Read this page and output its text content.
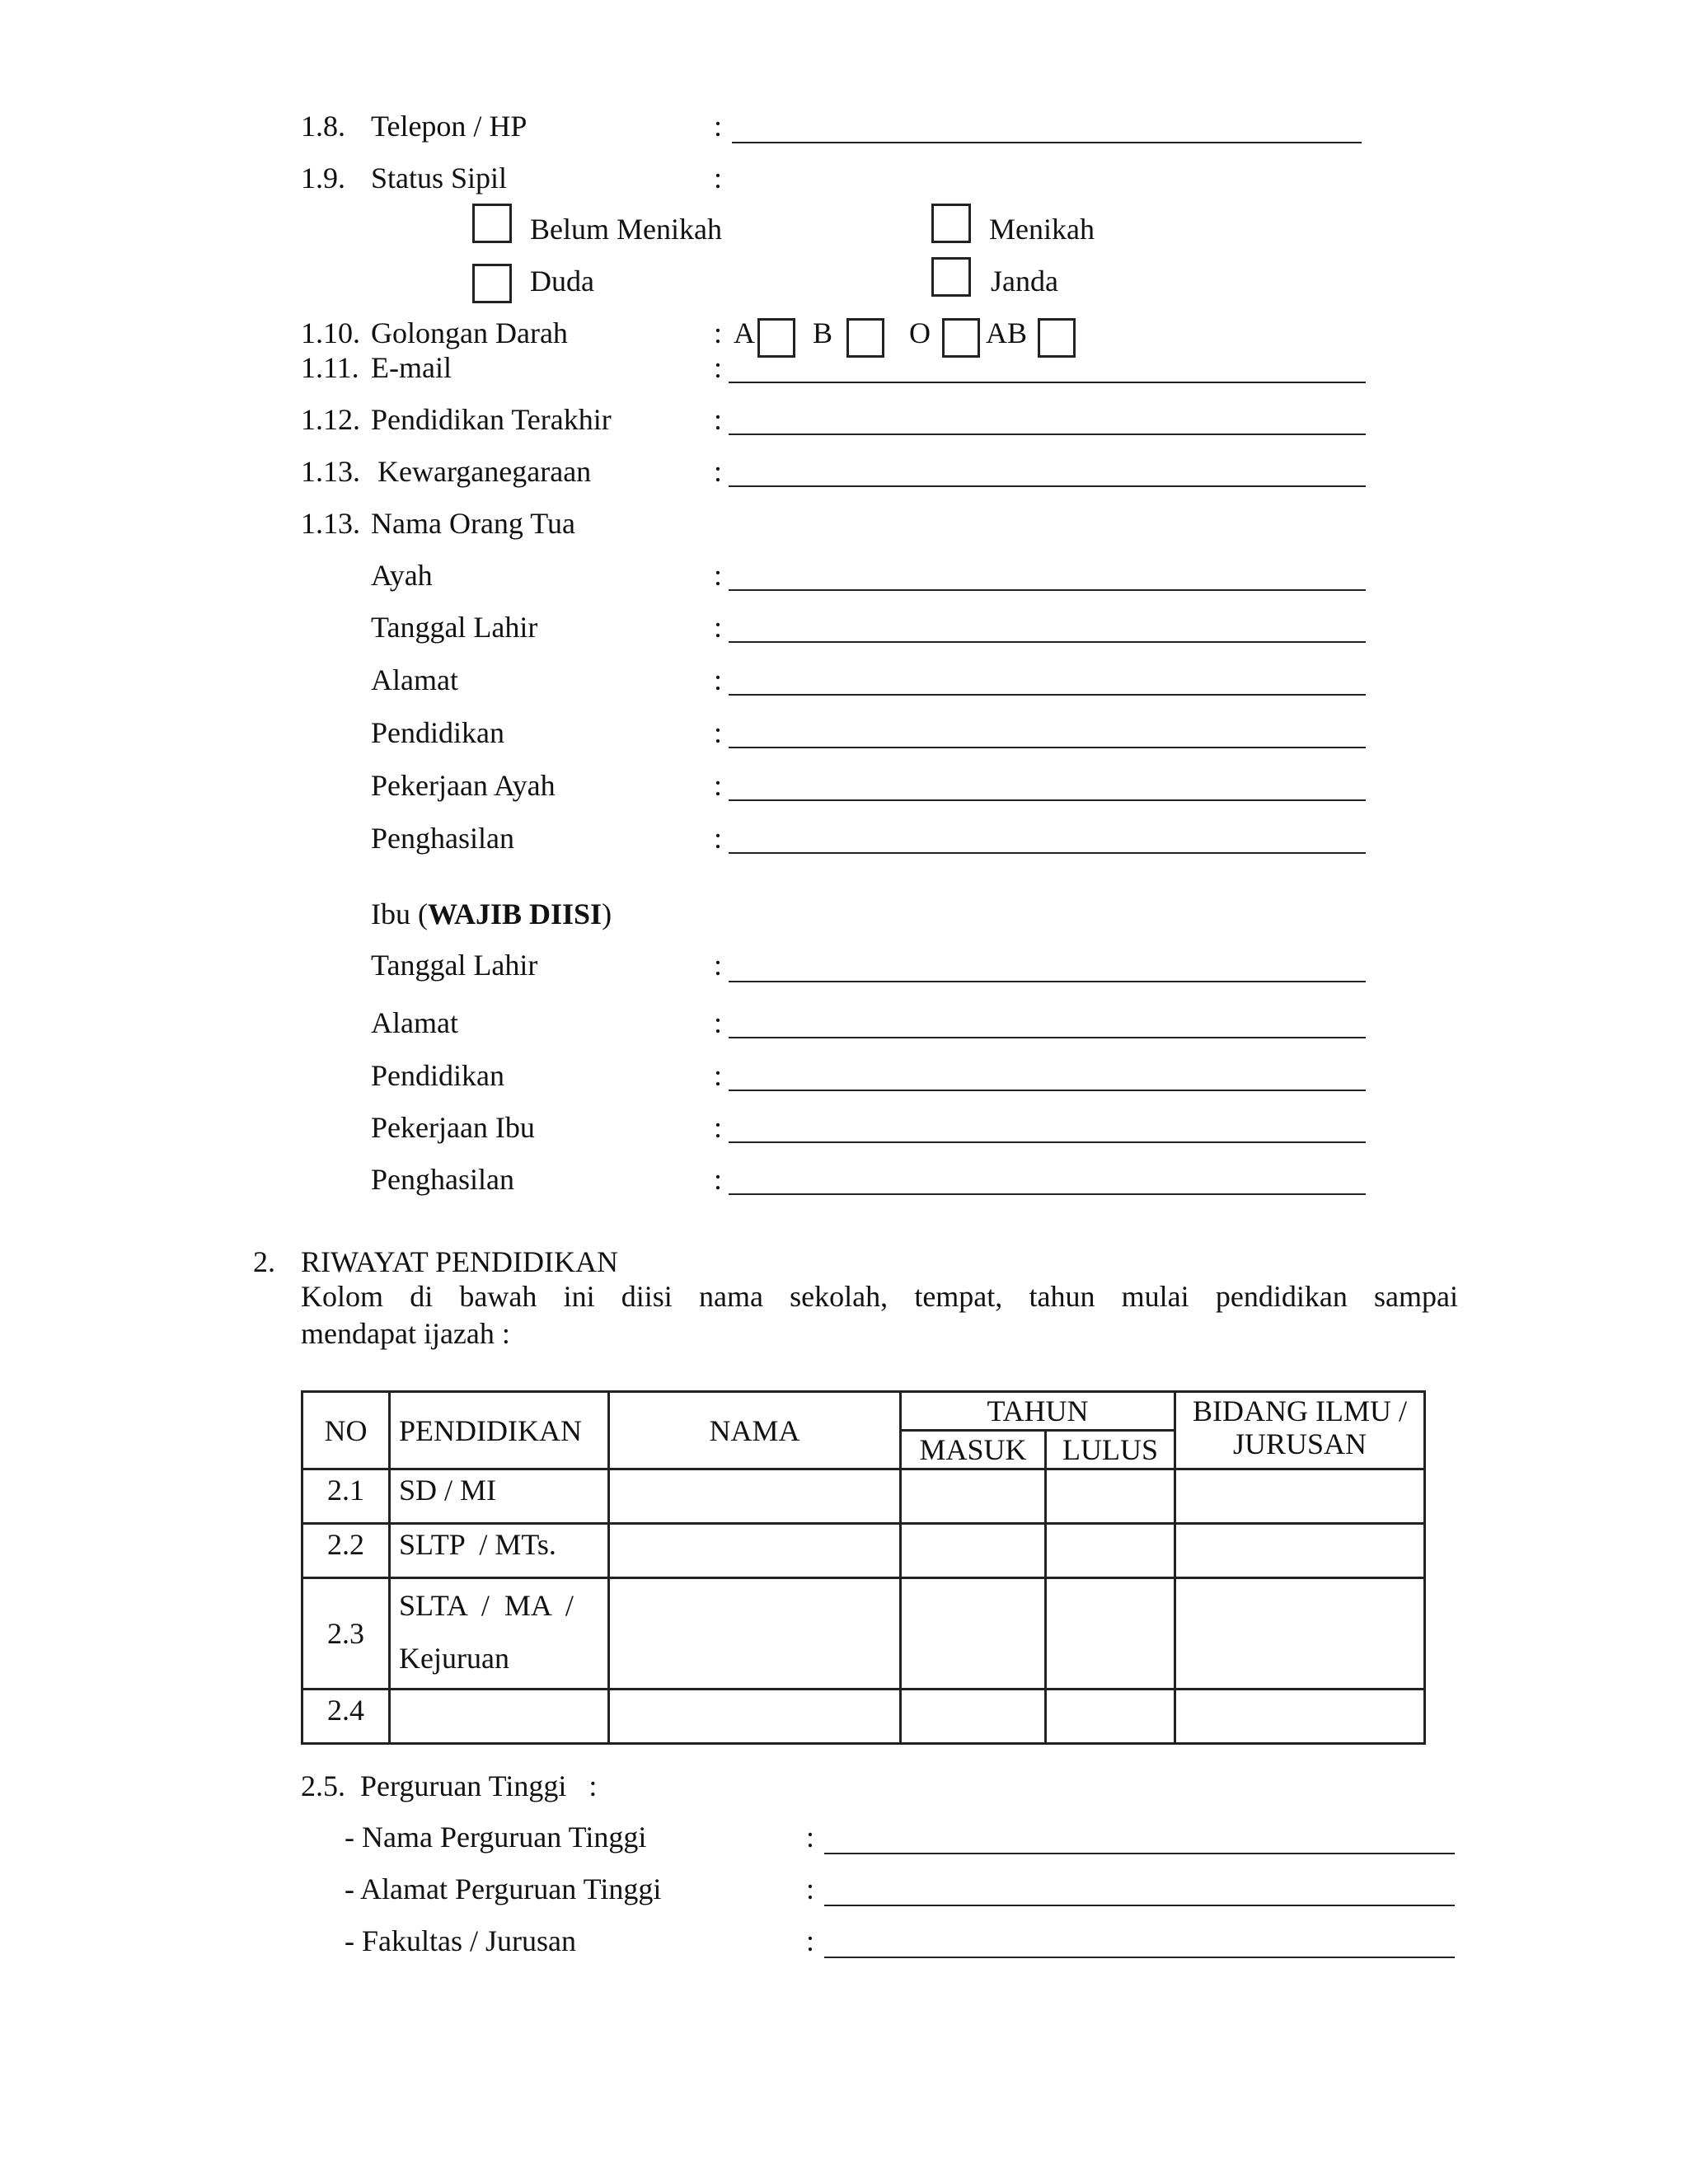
1.8. Telepon / HP	:
1.9. Status Sipil	:
Belum Menikah	Menikah
Duda	Janda
1.10. Golongan Darah	: A B	O AB
1.11. E-mail	:
1.12. Pendidikan Terakhir	:
1.13. Kewarganegaraan	:
1.13. Nama Orang Tua
Ayah	:
Tanggal Lahir	:
Alamat	:
Pendidikan	:
Pekerjaan Ayah	:
Penghasilan	:
Ibu (WAJIB DIISI)
Tanggal Lahir	:
Alamat	:
Pendidikan	:
Pekerjaan Ibu	:
Penghasilan	:
2. RIWAYAT PENDIDIKAN
Kolom di bawah ini diisi nama sekolah, tempat, tahun mulai pendidikan sampai
mendapat ijazah :
NO	PENDIDIKAN	NAMA	TAHUN		BIDANG ILMU /
JURUSAN
			MASUK	LULUS	
2.1	SD / MI				
2.2	SLTP  / MTs.				
2.3	SLTA  /  MA  /
Kejuruan				
2.4					
2.5.  Perguruan Tinggi   :
- Nama Perguruan Tinggi	:
- Alamat Perguruan Tinggi	:
- Fakultas / Jurusan	:
